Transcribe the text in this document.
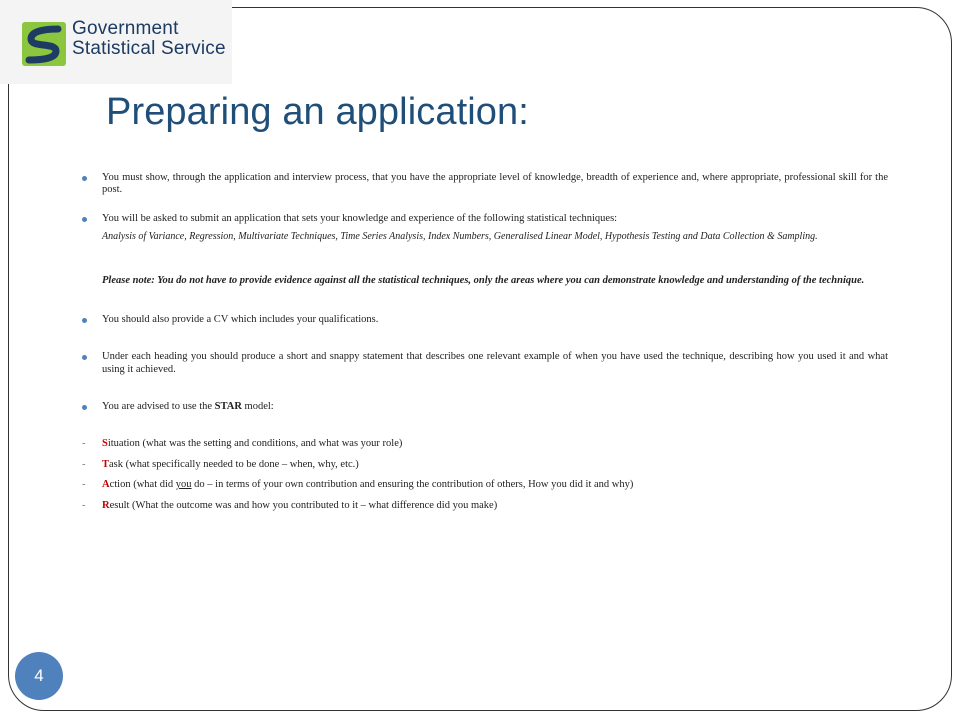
Government
Statistical Service
Preparing an application:

You must show, through the application and interview process, that you have the appropriate level of knowledge, breadth of experience and, where appropriate, professional skill for the post.

You will be asked to submit an application that sets your knowledge and experience of the following statistical techniques:

Analysis of Variance, Regression, Multivariate Techniques, Time Series Analysis, Index Numbers, Generalised Linear Model, Hypothesis Testing and Data Collection & Sampling.

Please note: You do not have to provide evidence against all the statistical techniques, only the areas where you can demonstrate knowledge and understanding of the technique.

You should also provide a CV which includes your qualifications.

Under each heading you should produce a short and snappy statement that describes one relevant example of when you have used the technique, describing how you used it and what using it achieved.

You are advised to use the STAR model:

- Situation (what was the setting and conditions, and what was your role)

- Task (what specifically needed to be done – when, why, etc.)

- Action (what did you do – in terms of your own contribution and ensuring the contribution of others, How you did it and why)

- Result (What the outcome was and how you contributed to it – what difference did you make)

4
